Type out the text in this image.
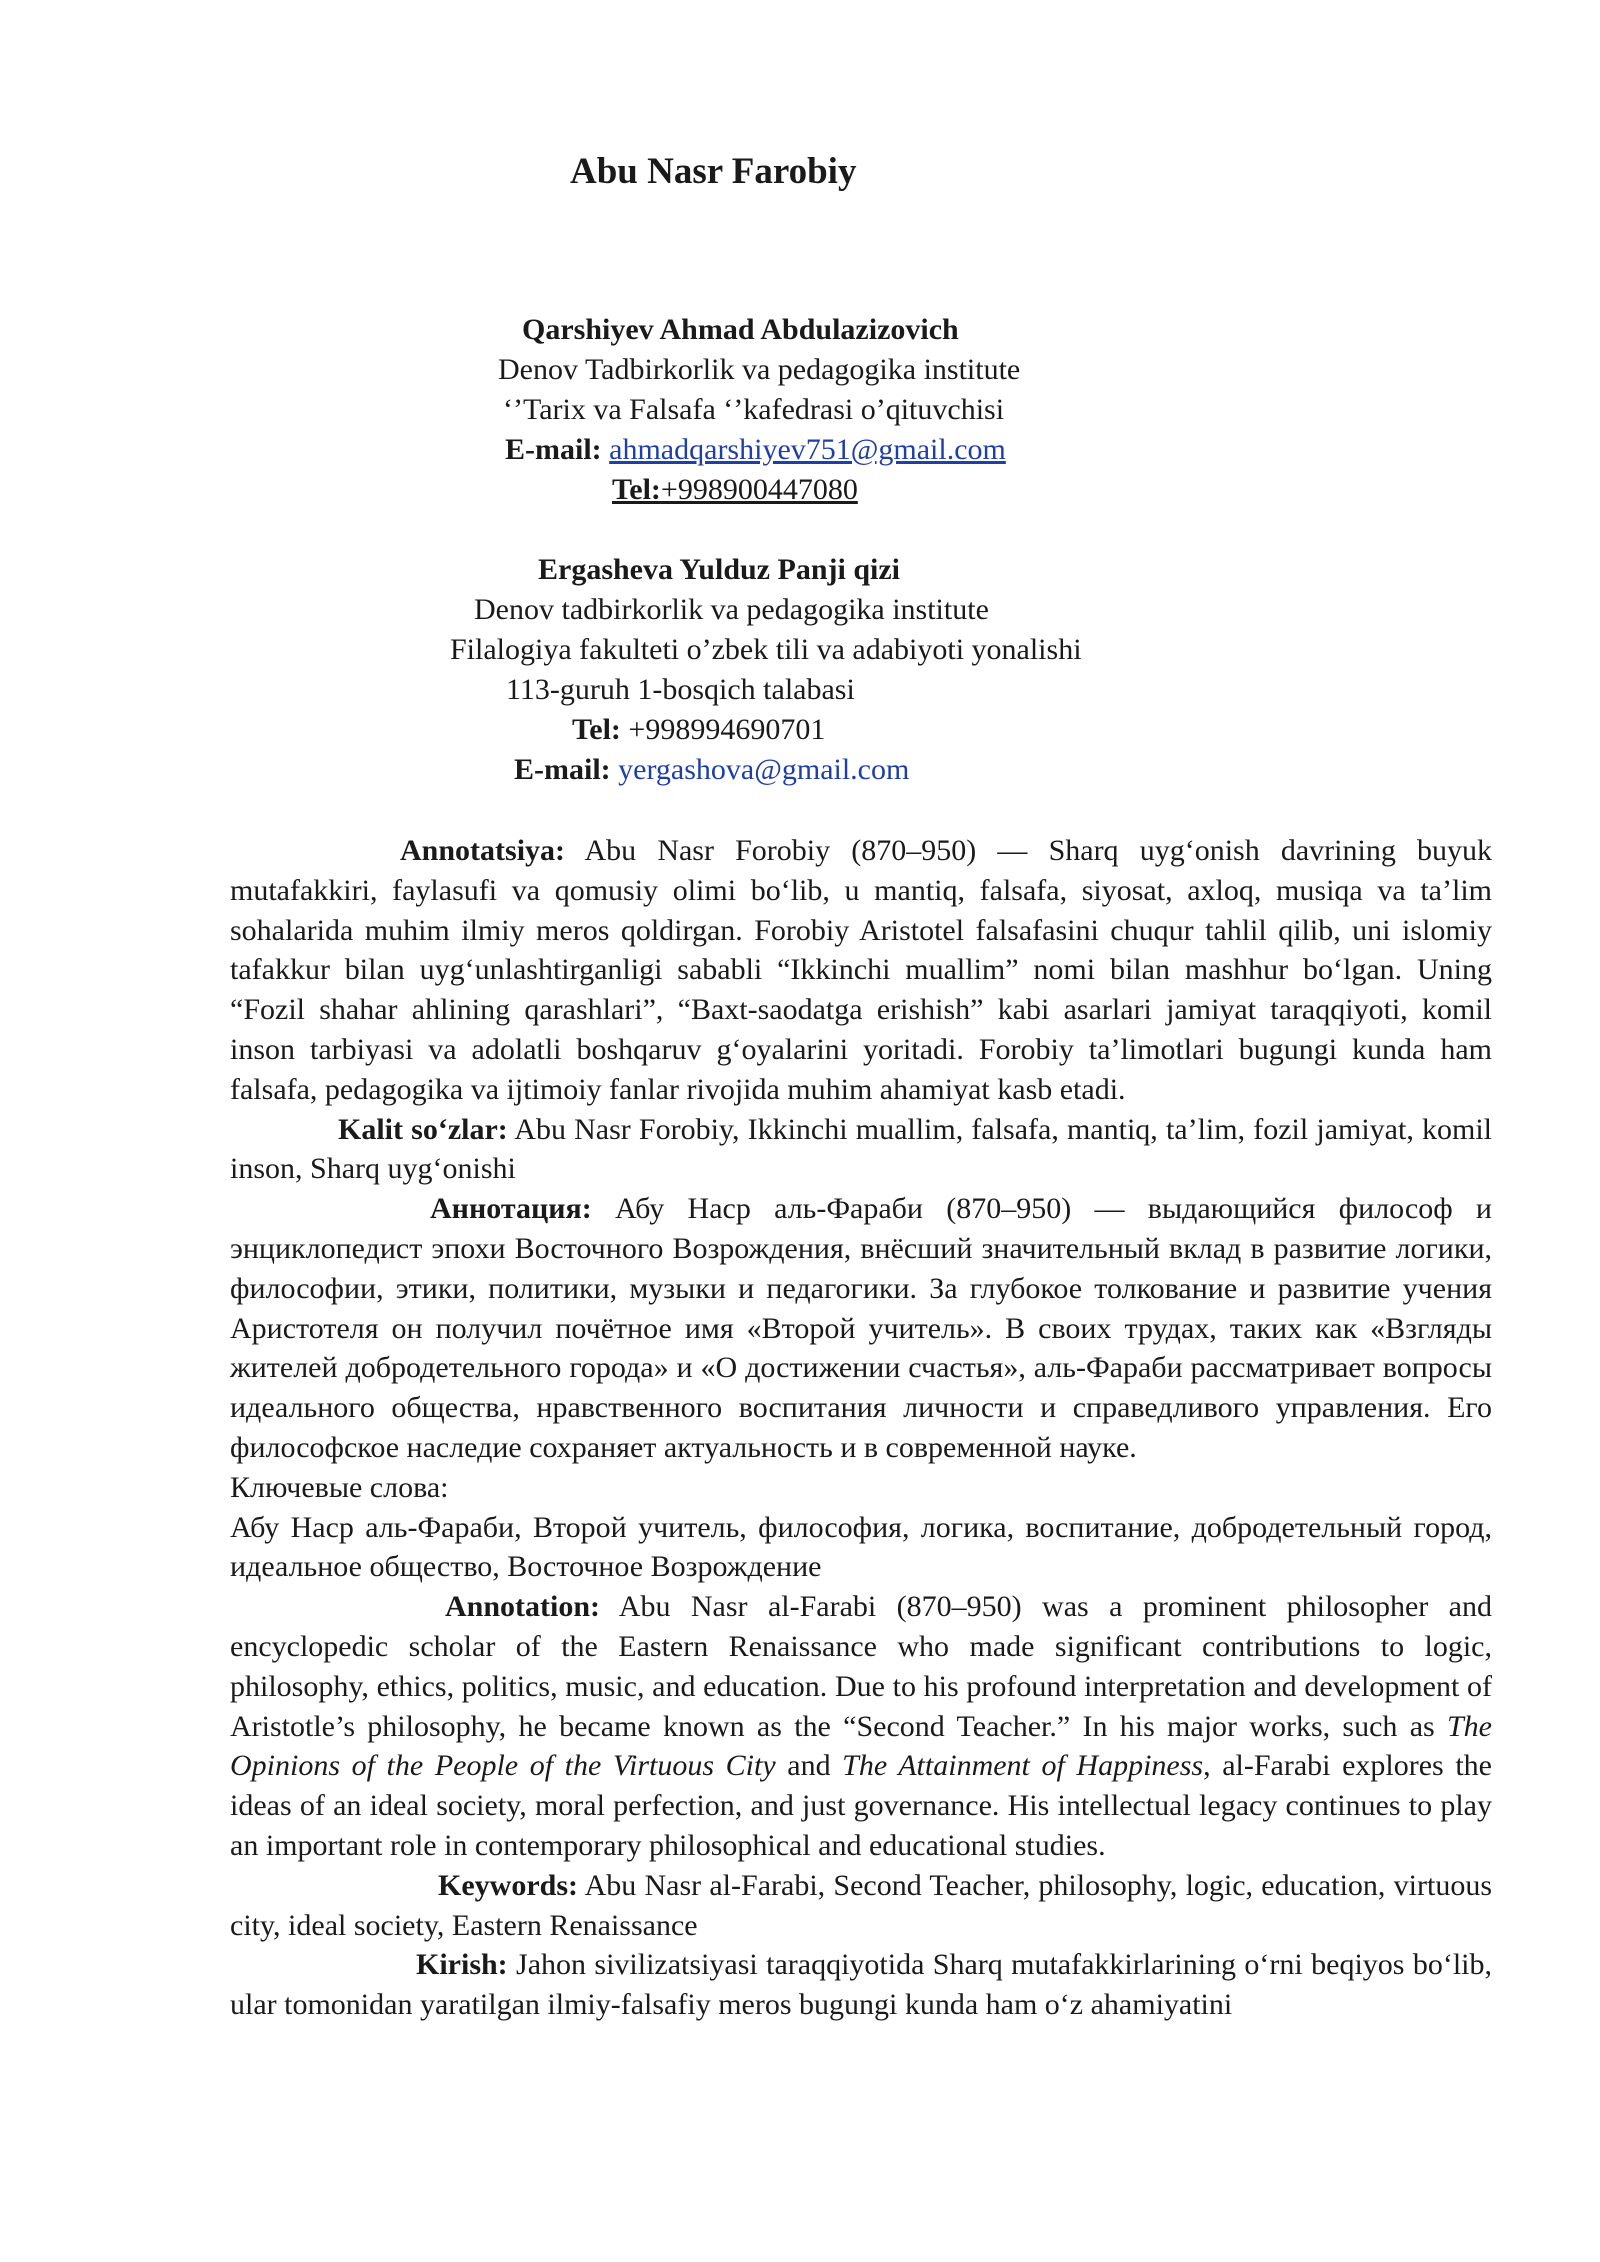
Abu Nasr Farobiy
Qarshiyev Ahmad Abdulazizovich
Denov Tadbirkorlik va pedagogika institute
‘’Tarix va Falsafa ‘’kafedrasi o’qituvchisi
E-mail: ahmadqarshiyev751@gmail.com
Tel:+998900447080
Ergasheva Yulduz Panji qizi
Denov tadbirkorlik va pedagogika institute
Filalogiya fakulteti o’zbek tili va adabiyoti yonalishi
113-guruh 1-bosqich talabasi
Tel: +998994690701
E-mail: yergashova@gmail.com

Annotatsiya: Abu Nasr Forobiy (870–950) — Sharq uyg‘onish davrining buyuk mutafakkiri, faylasufi va qomusiy olimi bo‘lib, u mantiq, falsafa, siyosat, axloq, musiqa va ta’lim sohalarida muhim ilmiy meros qoldirgan. Forobiy Aristotel falsafasini chuqur tahlil qilib, uni islomiy tafakkur bilan uyg‘unlashtirganligi sababli “Ikkinchi muallim” nomi bilan mashhur bo‘lgan. Uning “Fozil shahar ahlining qarashlari”, “Baxt-saodatga erishish” kabi asarlari jamiyat taraqqiyoti, komil inson tarbiyasi va adolatli boshqaruv g‘oyalarini yoritadi. Forobiy ta’limotlari bugungi kunda ham falsafa, pedagogika va ijtimoiy fanlar rivojida muhim ahamiyat kasb etadi.

Kalit so‘zlar: Abu Nasr Forobiy, Ikkinchi muallim, falsafa, mantiq, ta’lim, fozil jamiyat, komil inson, Sharq uyg‘onishi

Аннотация: Абу Наср аль-Фараби (870–950) — выдающийся философ и энциклопедист эпохи Восточного Возрождения, внёсший значительный вклад в развитие логики, философии, этики, политики, музыки и педагогики. За глубокое толкование и развитие учения Аристотеля он получил почётное имя «Второй учитель». В своих трудах, таких как «Взгляды жителей добродетельного города» и «О достижении счастья», аль-Фараби рассматривает вопросы идеального общества, нравственного воспитания личности и справедливого управления. Его философское наследие сохраняет актуальность и в современной науке.

Ключевые слова:

Абу Наср аль-Фараби, Второй учитель, философия, логика, воспитание, добродетельный город, идеальное общество, Восточное Возрождение

Annotation: Abu Nasr al-Farabi (870–950) was a prominent philosopher and encyclopedic scholar of the Eastern Renaissance who made significant contributions to logic, philosophy, ethics, politics, music, and education. Due to his profound interpretation and development of Aristotle’s philosophy, he became known as the “Second Teacher.” In his major works, such as The Opinions of the People of the Virtuous City and The Attainment of Happiness, al-Farabi explores the ideas of an ideal society, moral perfection, and just governance. His intellectual legacy continues to play an important role in contemporary philosophical and educational studies.

Keywords: Abu Nasr al-Farabi, Second Teacher, philosophy, logic, education, virtuous city, ideal society, Eastern Renaissance

Kirish: Jahon sivilizatsiyasi taraqqiyotida Sharq mutafakkirlarining o‘rni beqiyos bo‘lib, ular tomonidan yaratilgan ilmiy-falsafiy meros bugungi kunda ham o‘z ahamiyatini
